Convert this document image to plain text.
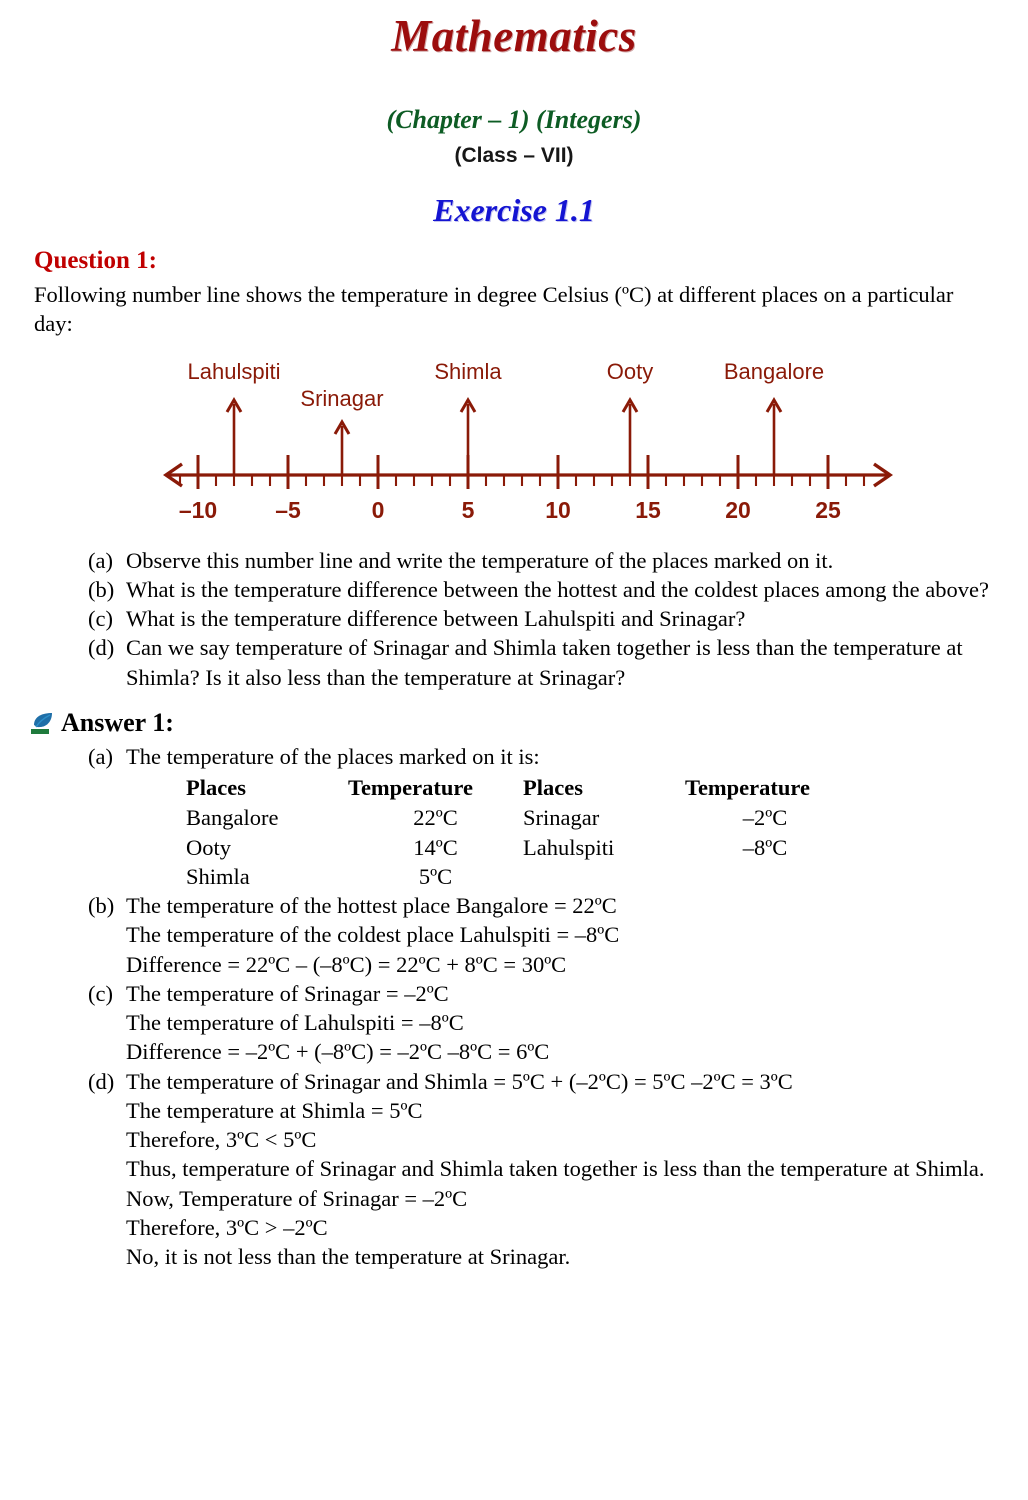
Mathematics
(Chapter – 1) (Integers)
(Class – VII)
Exercise 1.1
Question 1:
Following number line shows the temperature in degree Celsius (ºC) at different places on a particular day:
–10	–5	0	5	10	15	20	25
Lahulspiti
Srinagar
Shimla	Ooty	Bangalore
(a) Observe this number line and write the temperature of the places marked on it.
(b) What is the temperature difference between the hottest and the coldest places among the above?
(c) What is the temperature difference between Lahulspiti and Srinagar?
(d) Can we say temperature of Srinagar and Shimla taken together is less than the temperature at Shimla? Is it also less than the temperature at Srinagar?
Answer 1:
(a) The temperature of the places marked on it is:
Places	Temperature	Places	Temperature
Bangalore	22ºC	Srinagar	–2ºC
Ooty	14ºC	Lahulspiti	–8ºC
Shimla	5ºC		
(b) The temperature of the hottest place Bangalore = 22ºC
The temperature of the coldest place Lahulspiti = –8ºC
Difference = 22ºC – (–8ºC) = 22ºC + 8ºC = 30ºC
(c) The temperature of Srinagar = –2ºC
The temperature of Lahulspiti = –8ºC
Difference = –2ºC + (–8ºC) = –2ºC –8ºC = 6ºC
(d) The temperature of Srinagar and Shimla = 5ºC + (–2ºC) = 5ºC –2ºC = 3ºC
The temperature at Shimla = 5ºC
Therefore, 3ºC < 5ºC
Thus, temperature of Srinagar and Shimla taken together is less than the temperature at Shimla.
Now, Temperature of Srinagar = –2ºC
Therefore, 3ºC > –2ºC
No, it is not less than the temperature at Srinagar.
